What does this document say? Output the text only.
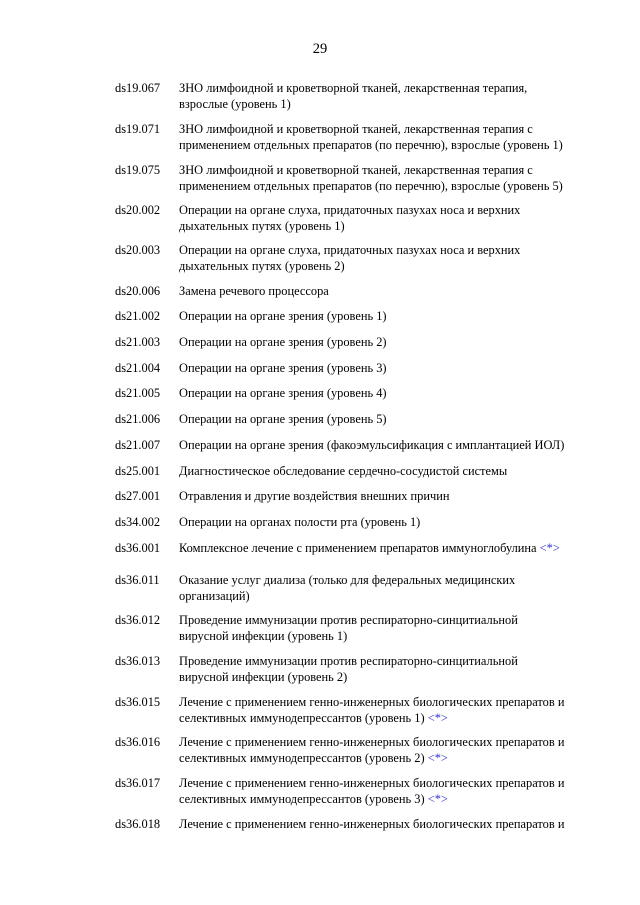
29
ds19.067	ЗНО лимфоидной и кроветворной тканей, лекарственная терапия,
взрослые (уровень 1)
ds19.071	ЗНО лимфоидной и кроветворной тканей, лекарственная терапия с
применением отдельных препаратов (по перечню), взрослые (уровень 1)
ds19.075	ЗНО лимфоидной и кроветворной тканей, лекарственная терапия с
применением отдельных препаратов (по перечню), взрослые (уровень 5)
ds20.002	Операции на органе слуха, придаточных пазухах носа и верхних
дыхательных путях (уровень 1)
ds20.003	Операции на органе слуха, придаточных пазухах носа и верхних
дыхательных путях (уровень 2)
ds20.006	Замена речевого процессора
ds21.002	Операции на органе зрения (уровень 1)
ds21.003	Операции на органе зрения (уровень 2)
ds21.004	Операции на органе зрения (уровень 3)
ds21.005	Операции на органе зрения (уровень 4)
ds21.006	Операции на органе зрения (уровень 5)
ds21.007	Операции на органе зрения (факоэмульсификация с имплантацией ИОЛ)
ds25.001	Диагностическое обследование сердечно-сосудистой системы
ds27.001	Отравления и другие воздействия внешних причин
ds34.002	Операции на органах полости рта (уровень 1)
ds36.001	Комплексное лечение с применением препаратов иммуноглобулина <*>
ds36.011	Оказание услуг диализа (только для федеральных медицинских
организаций)
ds36.012	Проведение иммунизации против респираторно-синцитиальной
вирусной инфекции (уровень 1)
ds36.013	Проведение иммунизации против респираторно-синцитиальной
вирусной инфекции (уровень 2)
ds36.015	Лечение с применением генно-инженерных биологических препаратов и
селективных иммунодепрессантов (уровень 1) <*>
ds36.016	Лечение с применением генно-инженерных биологических препаратов и
селективных иммунодепрессантов (уровень 2) <*>
ds36.017	Лечение с применением генно-инженерных биологических препаратов и
селективных иммунодепрессантов (уровень 3) <*>
ds36.018	Лечение с применением генно-инженерных биологических препаратов и
